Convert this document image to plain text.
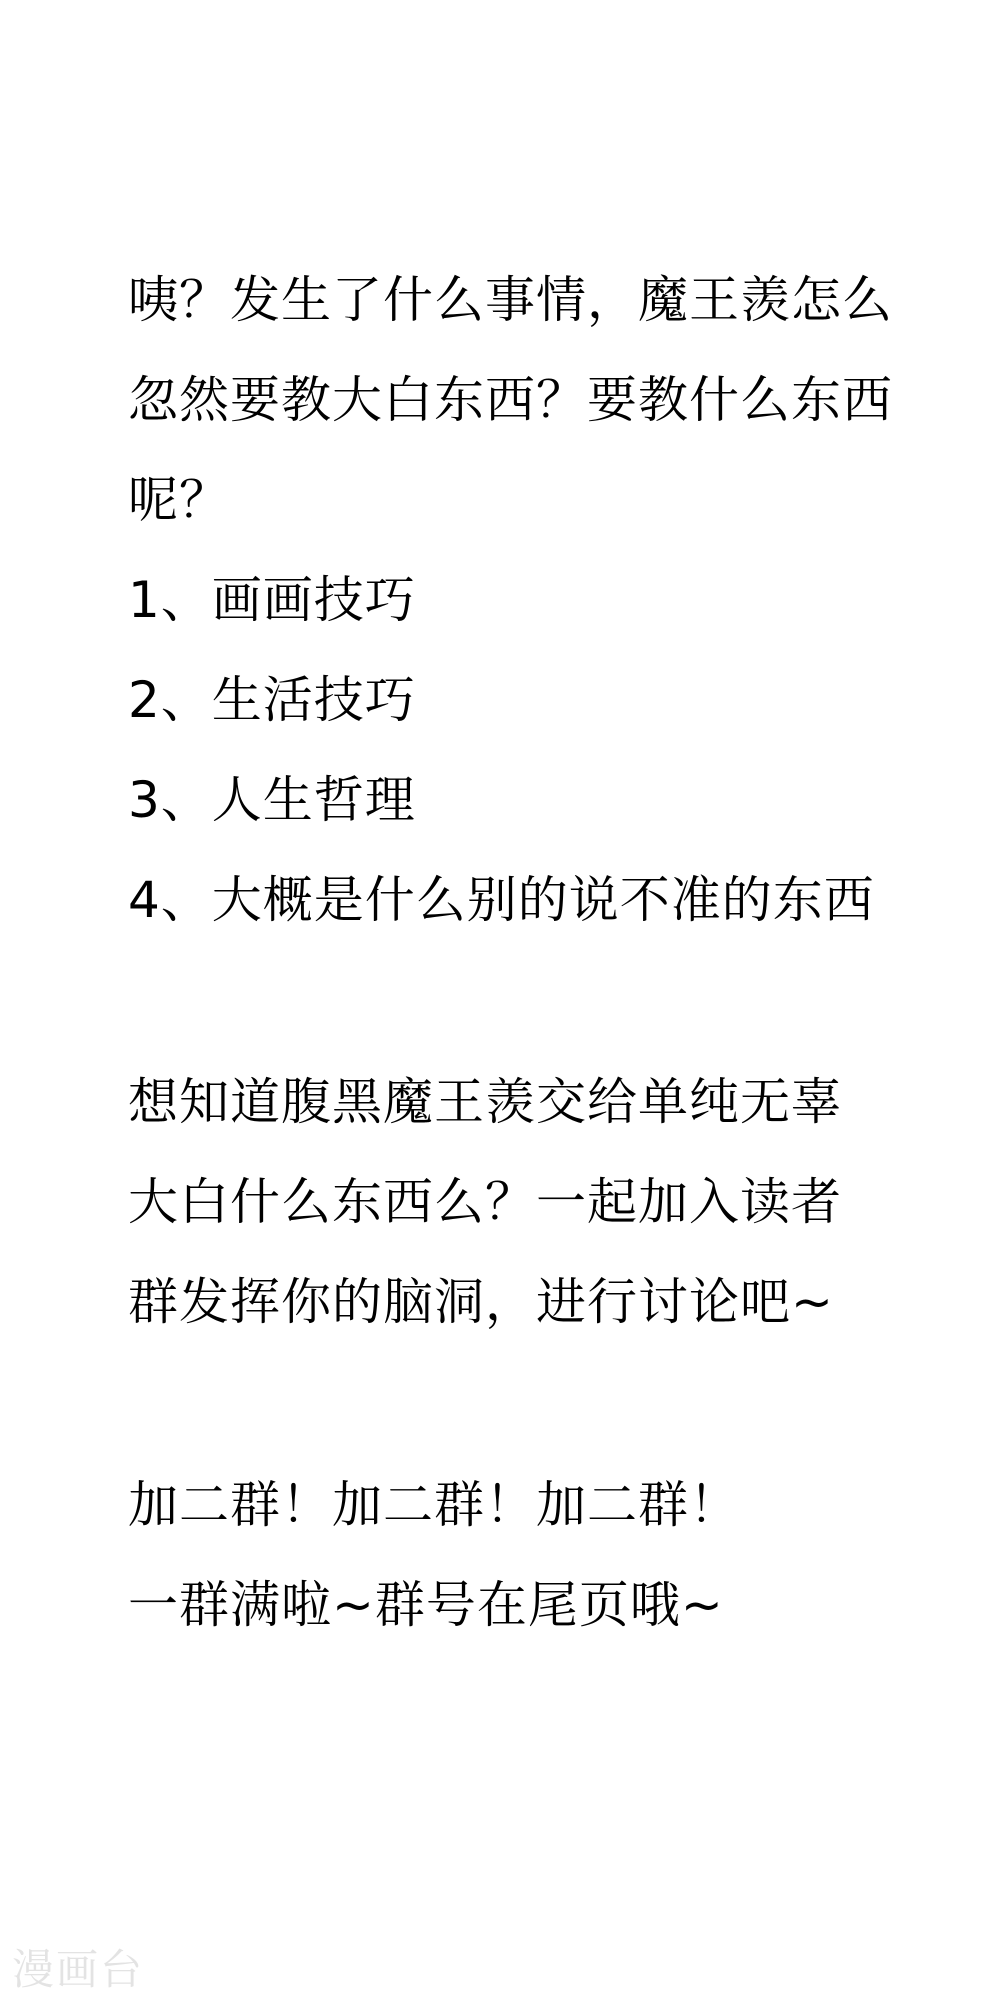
咦？发生了什么事情，魔王羡怎么
忽然要教大白东西？要教什么东西
呢？
1、画画技巧
2、生活技巧
3、人生哲理
4、大概是什么别的说不准的东西
想知道腹黑魔王羡交给单纯无辜
大白什么东西么？一起加入读者
群发挥你的脑洞，进行讨论吧~
加二群！加二群！加二群！
一群满啦~群号在尾页哦~
漫画台
